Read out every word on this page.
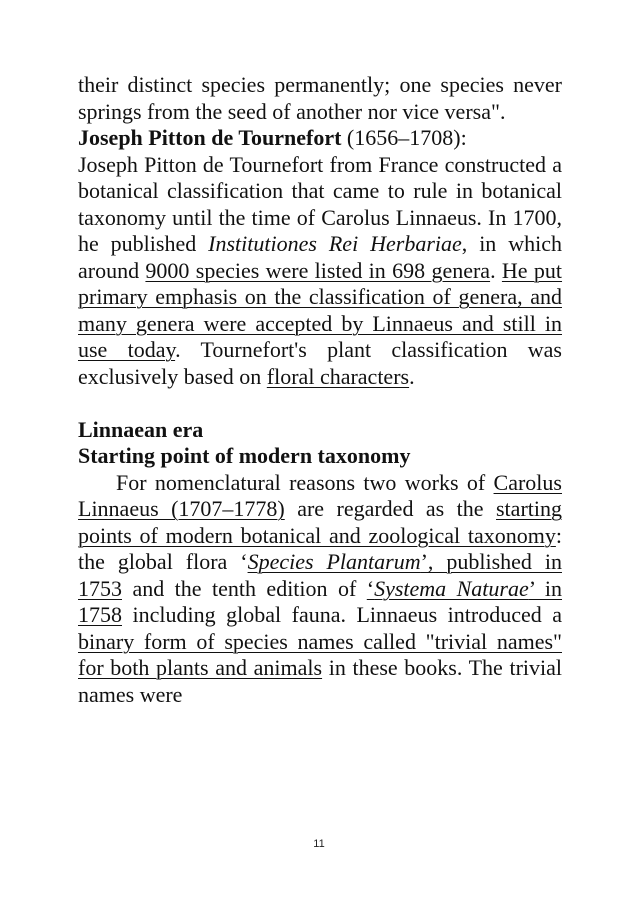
their distinct species permanently; one species never springs from the seed of another nor vice versa".

Joseph Pitton de Tournefort (1656–1708):

Joseph Pitton de Tournefort from France constructed a botanical classification that came to rule in botanical taxonomy until the time of Carolus Linnaeus. In 1700, he published Institutiones Rei Herbariae, in which around 9000 species were listed in 698 genera. He put primary emphasis on the classification of genera, and many genera were accepted by Linnaeus and still in use today. Tournefort's plant classification was exclusively based on floral characters.

Linnaean era

Starting point of modern taxonomy

For nomenclatural reasons two works of Carolus Linnaeus (1707–1778) are regarded as the starting points of modern botanical and zoological taxonomy: the global flora ‘Species Plantarum’, published in 1753 and the tenth edition of ‘Systema Naturae’ in 1758 including global fauna. Linnaeus introduced a binary form of species names called "trivial names" for both plants and animals in these books. The trivial names were

11
